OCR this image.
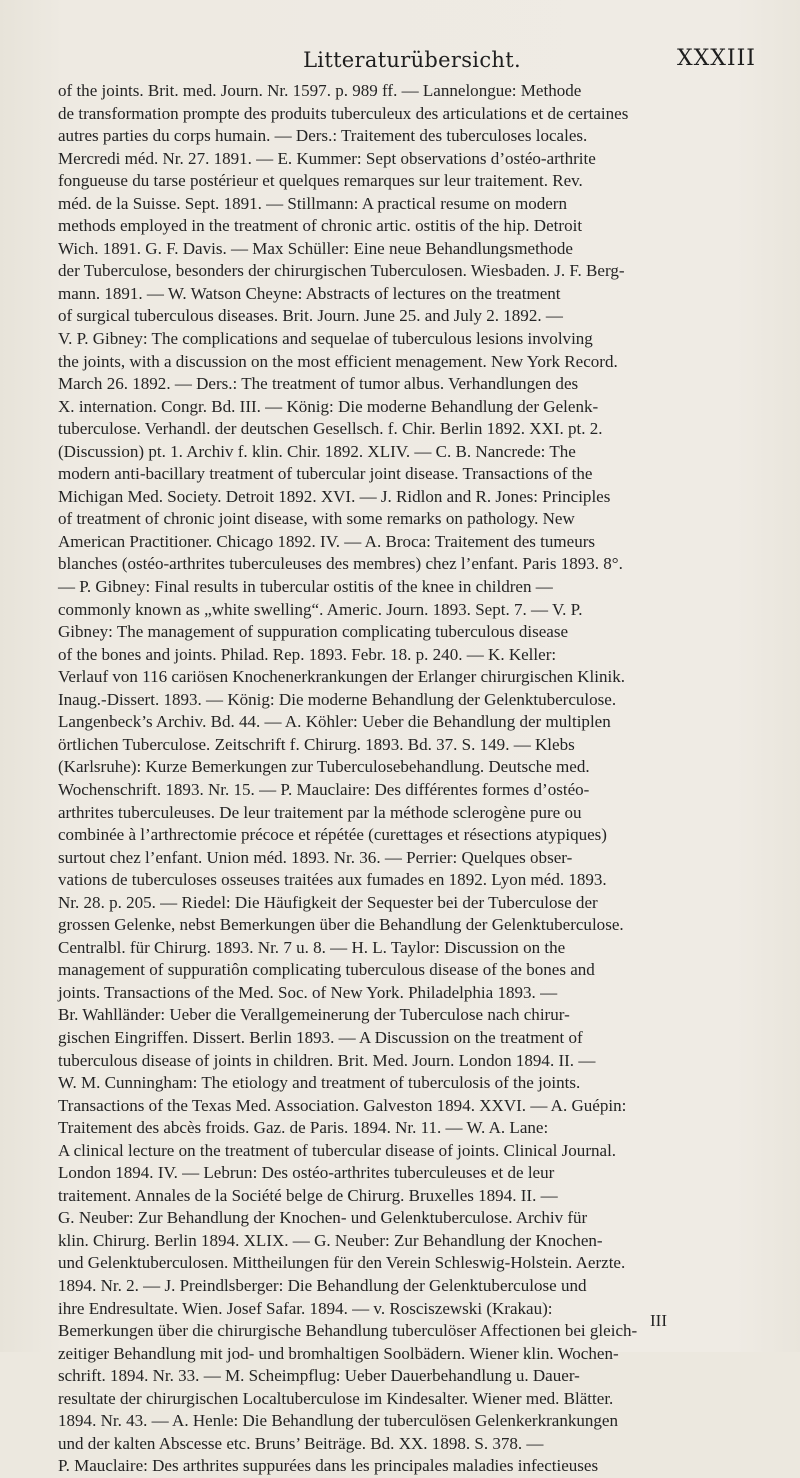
Litteraturübersicht.	XXXIII
of the joints. Brit. med. Journ. Nr. 1597. p. 989 ff. — Lannelongue: Methode
de transformation prompte des produits tuberculeux des articulations et de certaines
autres parties du corps humain. — Ders.: Traitement des tuberculoses locales.
Mercredi méd. Nr. 27. 1891. — E. Kummer: Sept observations d’ostéo-arthrite
fongueuse du tarse postérieur et quelques remarques sur leur traitement. Rev.
méd. de la Suisse. Sept. 1891. — Stillmann: A practical resume on modern
methods employed in the treatment of chronic artic. ostitis of the hip. Detroit
Wich. 1891. G. F. Davis. — Max Schüller: Eine neue Behandlungsmethode
der Tuberculose, besonders der chirurgischen Tuberculosen. Wiesbaden. J. F. Berg-
mann. 1891. — W. Watson Cheyne: Abstracts of lectures on the treatment
of surgical tuberculous diseases. Brit. Journ. June 25. and July 2. 1892. —
V. P. Gibney: The complications and sequelae of tuberculous lesions involving
the joints, with a discussion on the most efficient menagement. New York Record.
March 26. 1892. — Ders.: The treatment of tumor albus. Verhandlungen des
X. internation. Congr. Bd. III. — König: Die moderne Behandlung der Gelenk-
tuberculose. Verhandl. der deutschen Gesellsch. f. Chir. Berlin 1892. XXI. pt. 2.
(Discussion) pt. 1. Archiv f. klin. Chir. 1892. XLIV. — C. B. Nancrede: The
modern anti-bacillary treatment of tubercular joint disease. Transactions of the
Michigan Med. Society. Detroit 1892. XVI. — J. Ridlon and R. Jones: Principles
of treatment of chronic joint disease, with some remarks on pathology. New
American Practitioner. Chicago 1892. IV. — A. Broca: Traitement des tumeurs
blanches (ostéo-arthrites tuberculeuses des membres) chez l’enfant. Paris 1893. 8°.
— P. Gibney: Final results in tubercular ostitis of the knee in children —
commonly known as „white swelling“. Americ. Journ. 1893. Sept. 7. — V. P.
Gibney: The management of suppuration complicating tuberculous disease
of the bones and joints. Philad. Rep. 1893. Febr. 18. p. 240. — K. Keller:
Verlauf von 116 cariösen Knochenerkrankungen der Erlanger chirurgischen Klinik.
Inaug.-Dissert. 1893. — König: Die moderne Behandlung der Gelenktuberculose.
Langenbeck’s Archiv. Bd. 44. — A. Köhler: Ueber die Behandlung der multiplen
örtlichen Tuberculose. Zeitschrift f. Chirurg. 1893. Bd. 37. S. 149. — Klebs
(Karlsruhe): Kurze Bemerkungen zur Tuberculosebehandlung. Deutsche med.
Wochenschrift. 1893. Nr. 15. — P. Mauclaire: Des différentes formes d’ostéo-
arthrites tuberculeuses. De leur traitement par la méthode sclerogène pure ou
combinée à l’arthrectomie précoce et répétée (curettages et résections atypiques)
surtout chez l’enfant. Union méd. 1893. Nr. 36. — Perrier: Quelques obser-
vations de tuberculoses osseuses traitées aux fumades en 1892. Lyon méd. 1893.
Nr. 28. p. 205. — Riedel: Die Häufigkeit der Sequester bei der Tuberculose der
grossen Gelenke, nebst Bemerkungen über die Behandlung der Gelenktuberculose.
Centralbl. für Chirurg. 1893. Nr. 7 u. 8. — H. L. Taylor: Discussion on the
management of suppuratiôn complicating tuberculous disease of the bones and
joints. Transactions of the Med. Soc. of New York. Philadelphia 1893. —
Br. Wahlländer: Ueber die Verallgemeinerung der Tuberculose nach chirur-
gischen Eingriffen. Dissert. Berlin 1893. — A Discussion on the treatment of
tuberculous disease of joints in children. Brit. Med. Journ. London 1894. II. —
W. M. Cunningham: The etiology and treatment of tuberculosis of the joints.
Transactions of the Texas Med. Association. Galveston 1894. XXVI. — A. Guépin:
Traitement des abcès froids. Gaz. de Paris. 1894. Nr. 11. — W. A. Lane:
A clinical lecture on the treatment of tubercular disease of joints. Clinical Journal.
London 1894. IV. — Lebrun: Des ostéo-arthrites tuberculeuses et de leur
traitement. Annales de la Société belge de Chirurg. Bruxelles 1894. II. —
G. Neuber: Zur Behandlung der Knochen- und Gelenktuberculose. Archiv für
klin. Chirurg. Berlin 1894. XLIX. — G. Neuber: Zur Behandlung der Knochen-
und Gelenktuberculosen. Mittheilungen für den Verein Schleswig-Holstein. Aerzte.
1894. Nr. 2. — J. Preindlsberger: Die Behandlung der Gelenktuberculose und
ihre Endresultate. Wien. Josef Safar. 1894. — v. Rosciszewski (Krakau):
Bemerkungen über die chirurgische Behandlung tuberculöser Affectionen bei gleich-
zeitiger Behandlung mit jod- und bromhaltigen Soolbädern. Wiener klin. Wochen-
schrift. 1894. Nr. 33. — M. Scheimpflug: Ueber Dauerbehandlung u. Dauer-
resultate der chirurgischen Localtuberculose im Kindesalter. Wiener med. Blätter.
1894. Nr. 43. — A. Henle: Die Behandlung der tuberculösen Gelenkerkrankungen
und der kalten Abscesse etc. Bruns’ Beiträge. Bd. XX. 1898. S. 378. —
P. Mauclaire: Des arthrites suppurées dans les principales maladies infectieuses
III
